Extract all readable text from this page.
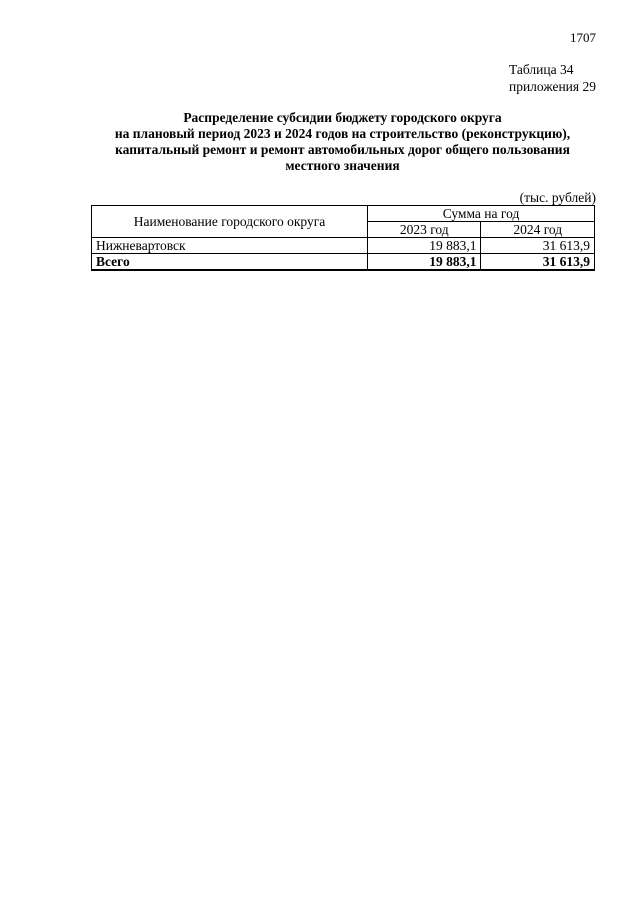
1707
Таблица 34
приложения 29
Распределение субсидии бюджету городского округа
на плановый период 2023 и 2024 годов на строительство (реконструкцию),
капитальный ремонт и ремонт автомобильных дорог общего пользования
местного значения
(тыс. рублей)
Наименование городского округа	Сумма на год	
	2023 год	2024 год
Нижневартовск	19 883,1	31 613,9
Всего	19 883,1	31 613,9
